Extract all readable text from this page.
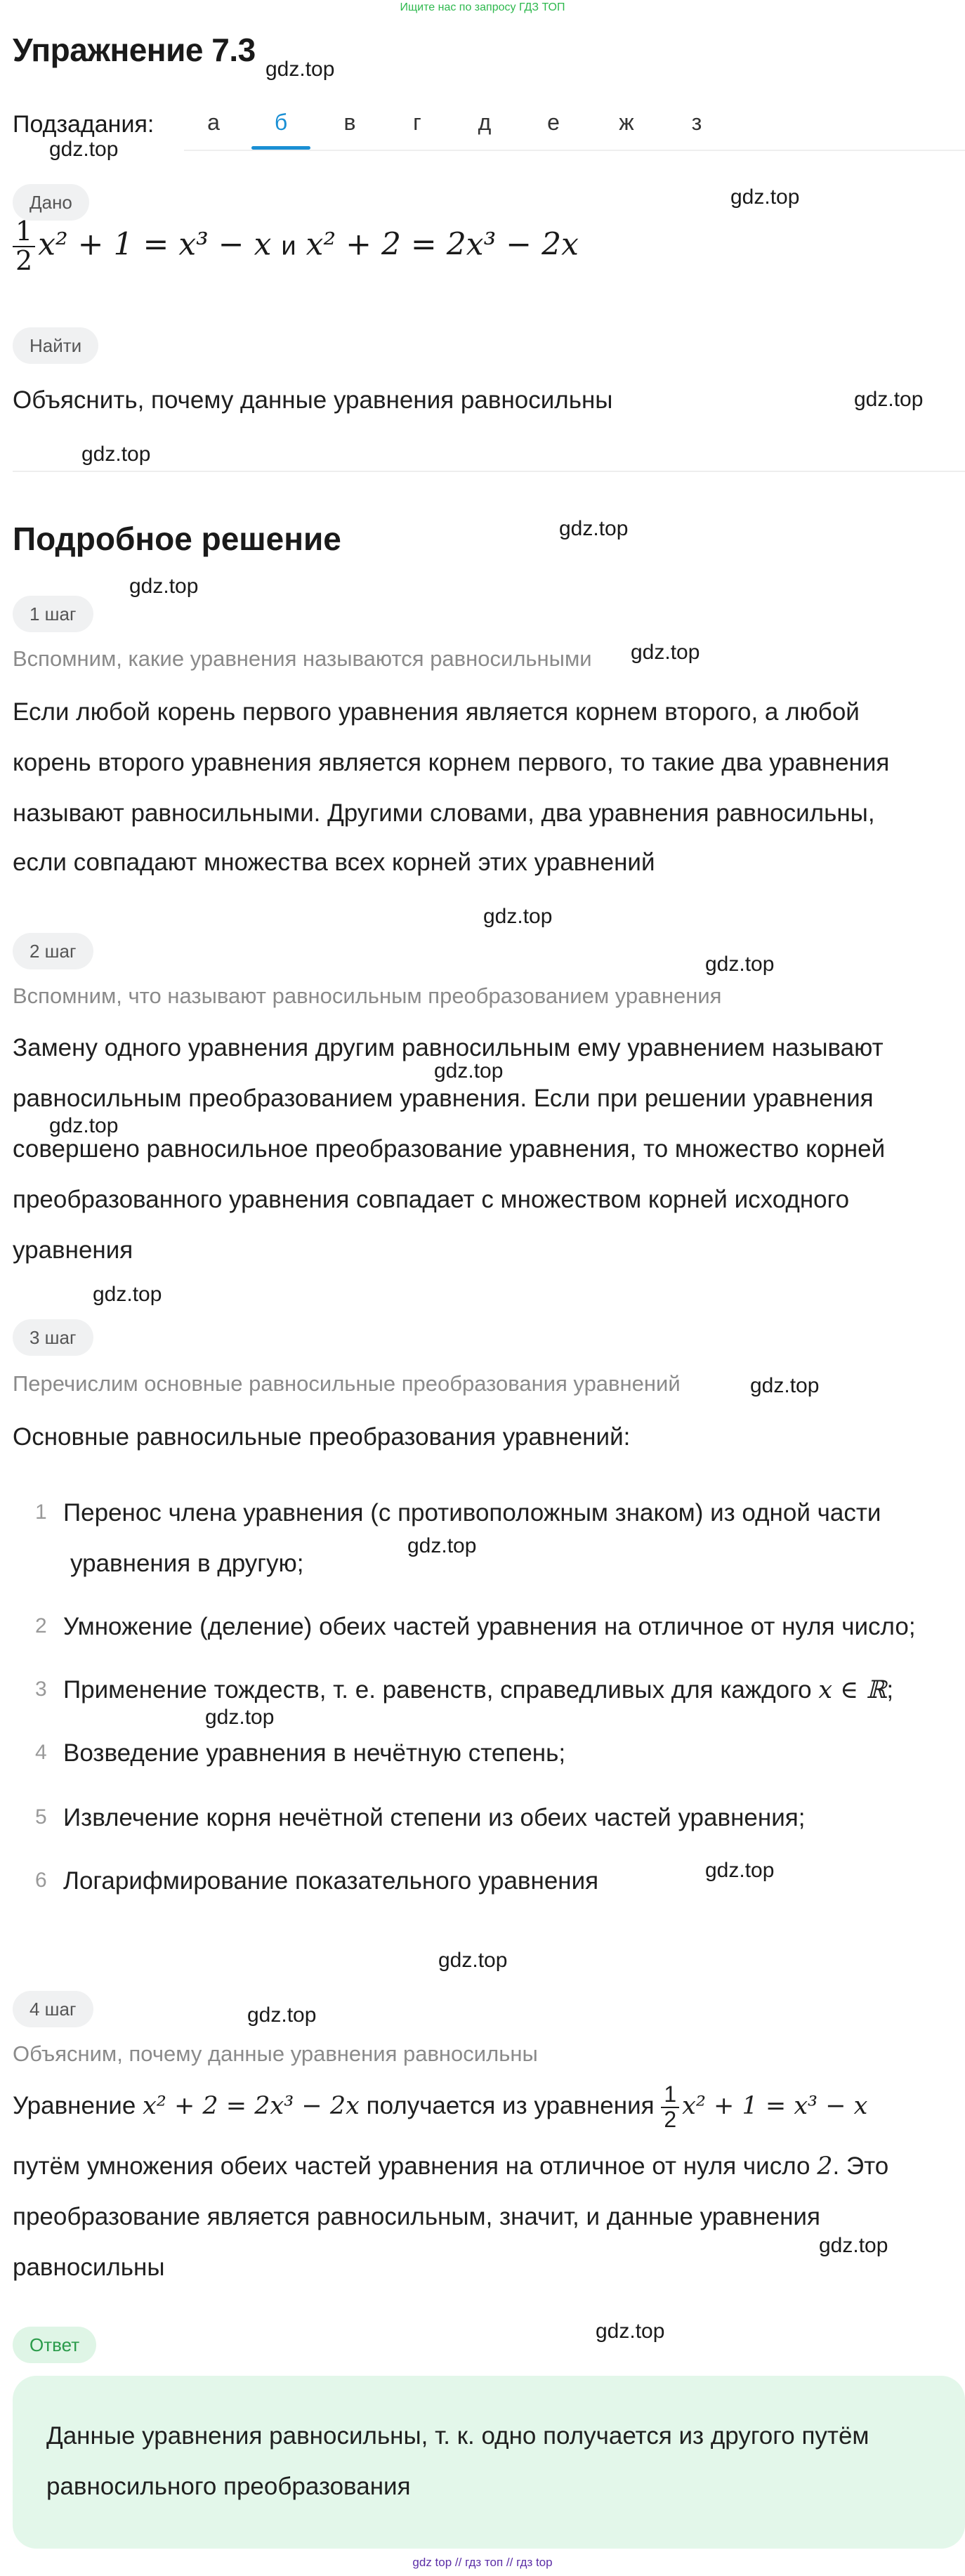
Ищите нас по запросу ГДЗ ТОП
Упражнение 7.3
gdz.top
gdz.top
gdz.top
gdz.top
gdz.top
gdz.top
gdz.top
gdz.top
gdz.top
gdz.top
gdz.top
gdz.top
gdz.top
gdz.top
gdz.top
gdz.top
gdz.top
gdz.top
gdz.top
gdz.top
gdz.top
Подзадания:	а	б	в	г	д	е	ж	з
Дано
$\frac{1}{2} x^2 + 1 = x^3 - x$ и x² + 2 = 2x³ − 2x
Найти
Объяснить, почему данные уравнения равносильны
Подробное решение
1 шаг
Вспомним, какие уравнения называются равносильными
Если любой корень первого уравнения является корнем второго, а любой
корень второго уравнения является корнем первого, то такие два уравнения
называют равносильными. Другими словами, два уравнения равносильны,
если совпадают множества всех корней этих уравнений
2 шаг
Вспомним, что называют равносильным преобразованием уравнения
Замену одного уравнения другим равносильным ему уравнением называют
равносильным преобразованием уравнения. Если при решении уравнения
совершено равносильное преобразование уравнения, то множество корней
преобразованного уравнения совпадает с множеством корней исходного
уравнения
3 шаг
Перечислим основные равносильные преобразования уравнений
Основные равносильные преобразования уравнений:
1 Перенос члена уравнения (с противоположным знаком) из одной части
уравнения в другую;
2 Умножение (деление) обеих частей уравнения на отличное от нуля число;
3 Применение тождеств, т. е. равенств, справедливых для каждого x ∈ ℝ;
4 Возведение уравнения в нечётную степень;
5 Извлечение корня нечётной степени из обеих частей уравнения;
6 Логарифмирование показательного уравнения
4 шаг
Объясним, почему данные уравнения равносильны
Уравнение x² + 2 = 2x³ − 2x получается из уравнения $\frac{1}{2} x^2 + 1 = x^3 - x$
путём умножения обеих частей уравнения на отличное от нуля число 2. Это
преобразование является равносильным, значит, и данные уравнения
равносильны
Ответ
Данные уравнения равносильны, т. к. одно получается из другого путём
равносильного преобразования
gdz top // гдз топ // гдз top
